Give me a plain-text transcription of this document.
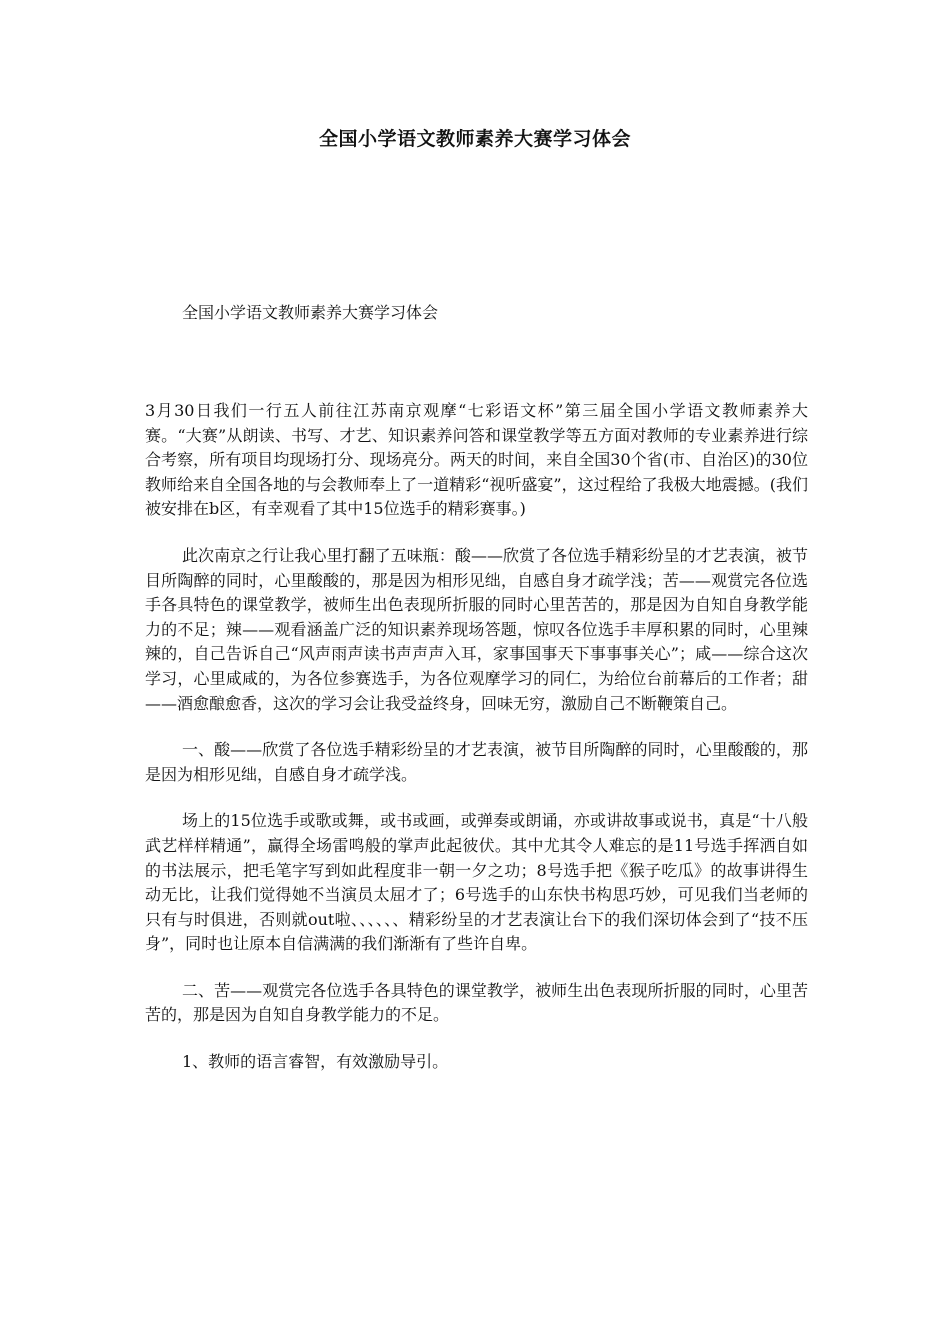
全国小学语文教师素养大赛学习体会

全国小学语文教师素养大赛学习体会

3月30日我们一行五人前往江苏南京观摩“七彩语文杯”第三届全国小学语文教师素养大赛。“大赛”从朗读、书写、才艺、知识素养问答和课堂教学等五方面对教师的专业素养进行综合考察，所有项目均现场打分、现场亮分。两天的时间，来自全国30个省(市、自治区)的30位教师给来自全国各地的与会教师奉上了一道精彩“视听盛宴”，这过程给了我极大地震撼。(我们被安排在b区，有幸观看了其中15位选手的精彩赛事。)

此次南京之行让我心里打翻了五味瓶：酸——欣赏了各位选手精彩纷呈的才艺表演，被节目所陶醉的同时，心里酸酸的，那是因为相形见绌，自感自身才疏学浅；苦——观赏完各位选手各具特色的课堂教学，被师生出色表现所折服的同时心里苦苦的，那是因为自知自身教学能力的不足；辣——观看涵盖广泛的知识素养现场答题，惊叹各位选手丰厚积累的同时，心里辣辣的，自己告诉自己“风声雨声读书声声声入耳，家事国事天下事事事关心”；咸——综合这次学习，心里咸咸的，为各位参赛选手，为各位观摩学习的同仁，为给位台前幕后的工作者；甜——酒愈酿愈香，这次的学习会让我受益终身，回味无穷，激励自己不断鞭策自己。

一、酸——欣赏了各位选手精彩纷呈的才艺表演，被节目所陶醉的同时，心里酸酸的，那是因为相形见绌，自感自身才疏学浅。

场上的15位选手或歌或舞，或书或画，或弹奏或朗诵，亦或讲故事或说书，真是“十八般武艺样样精通”，赢得全场雷鸣般的掌声此起彼伏。其中尤其令人难忘的是11号选手挥洒自如的书法展示，把毛笔字写到如此程度非一朝一夕之功；8号选手把《猴子吃瓜》的故事讲得生动无比，让我们觉得她不当演员太屈才了；6号选手的山东快书构思巧妙，可见我们当老师的只有与时俱进，否则就out啦、、、、、、精彩纷呈的才艺表演让台下的我们深切体会到了“技不压身”，同时也让原本自信满满的我们渐渐有了些许自卑。

二、苦——观赏完各位选手各具特色的课堂教学，被师生出色表现所折服的同时，心里苦苦的，那是因为自知自身教学能力的不足。

1、教师的语言睿智，有效激励导引。
